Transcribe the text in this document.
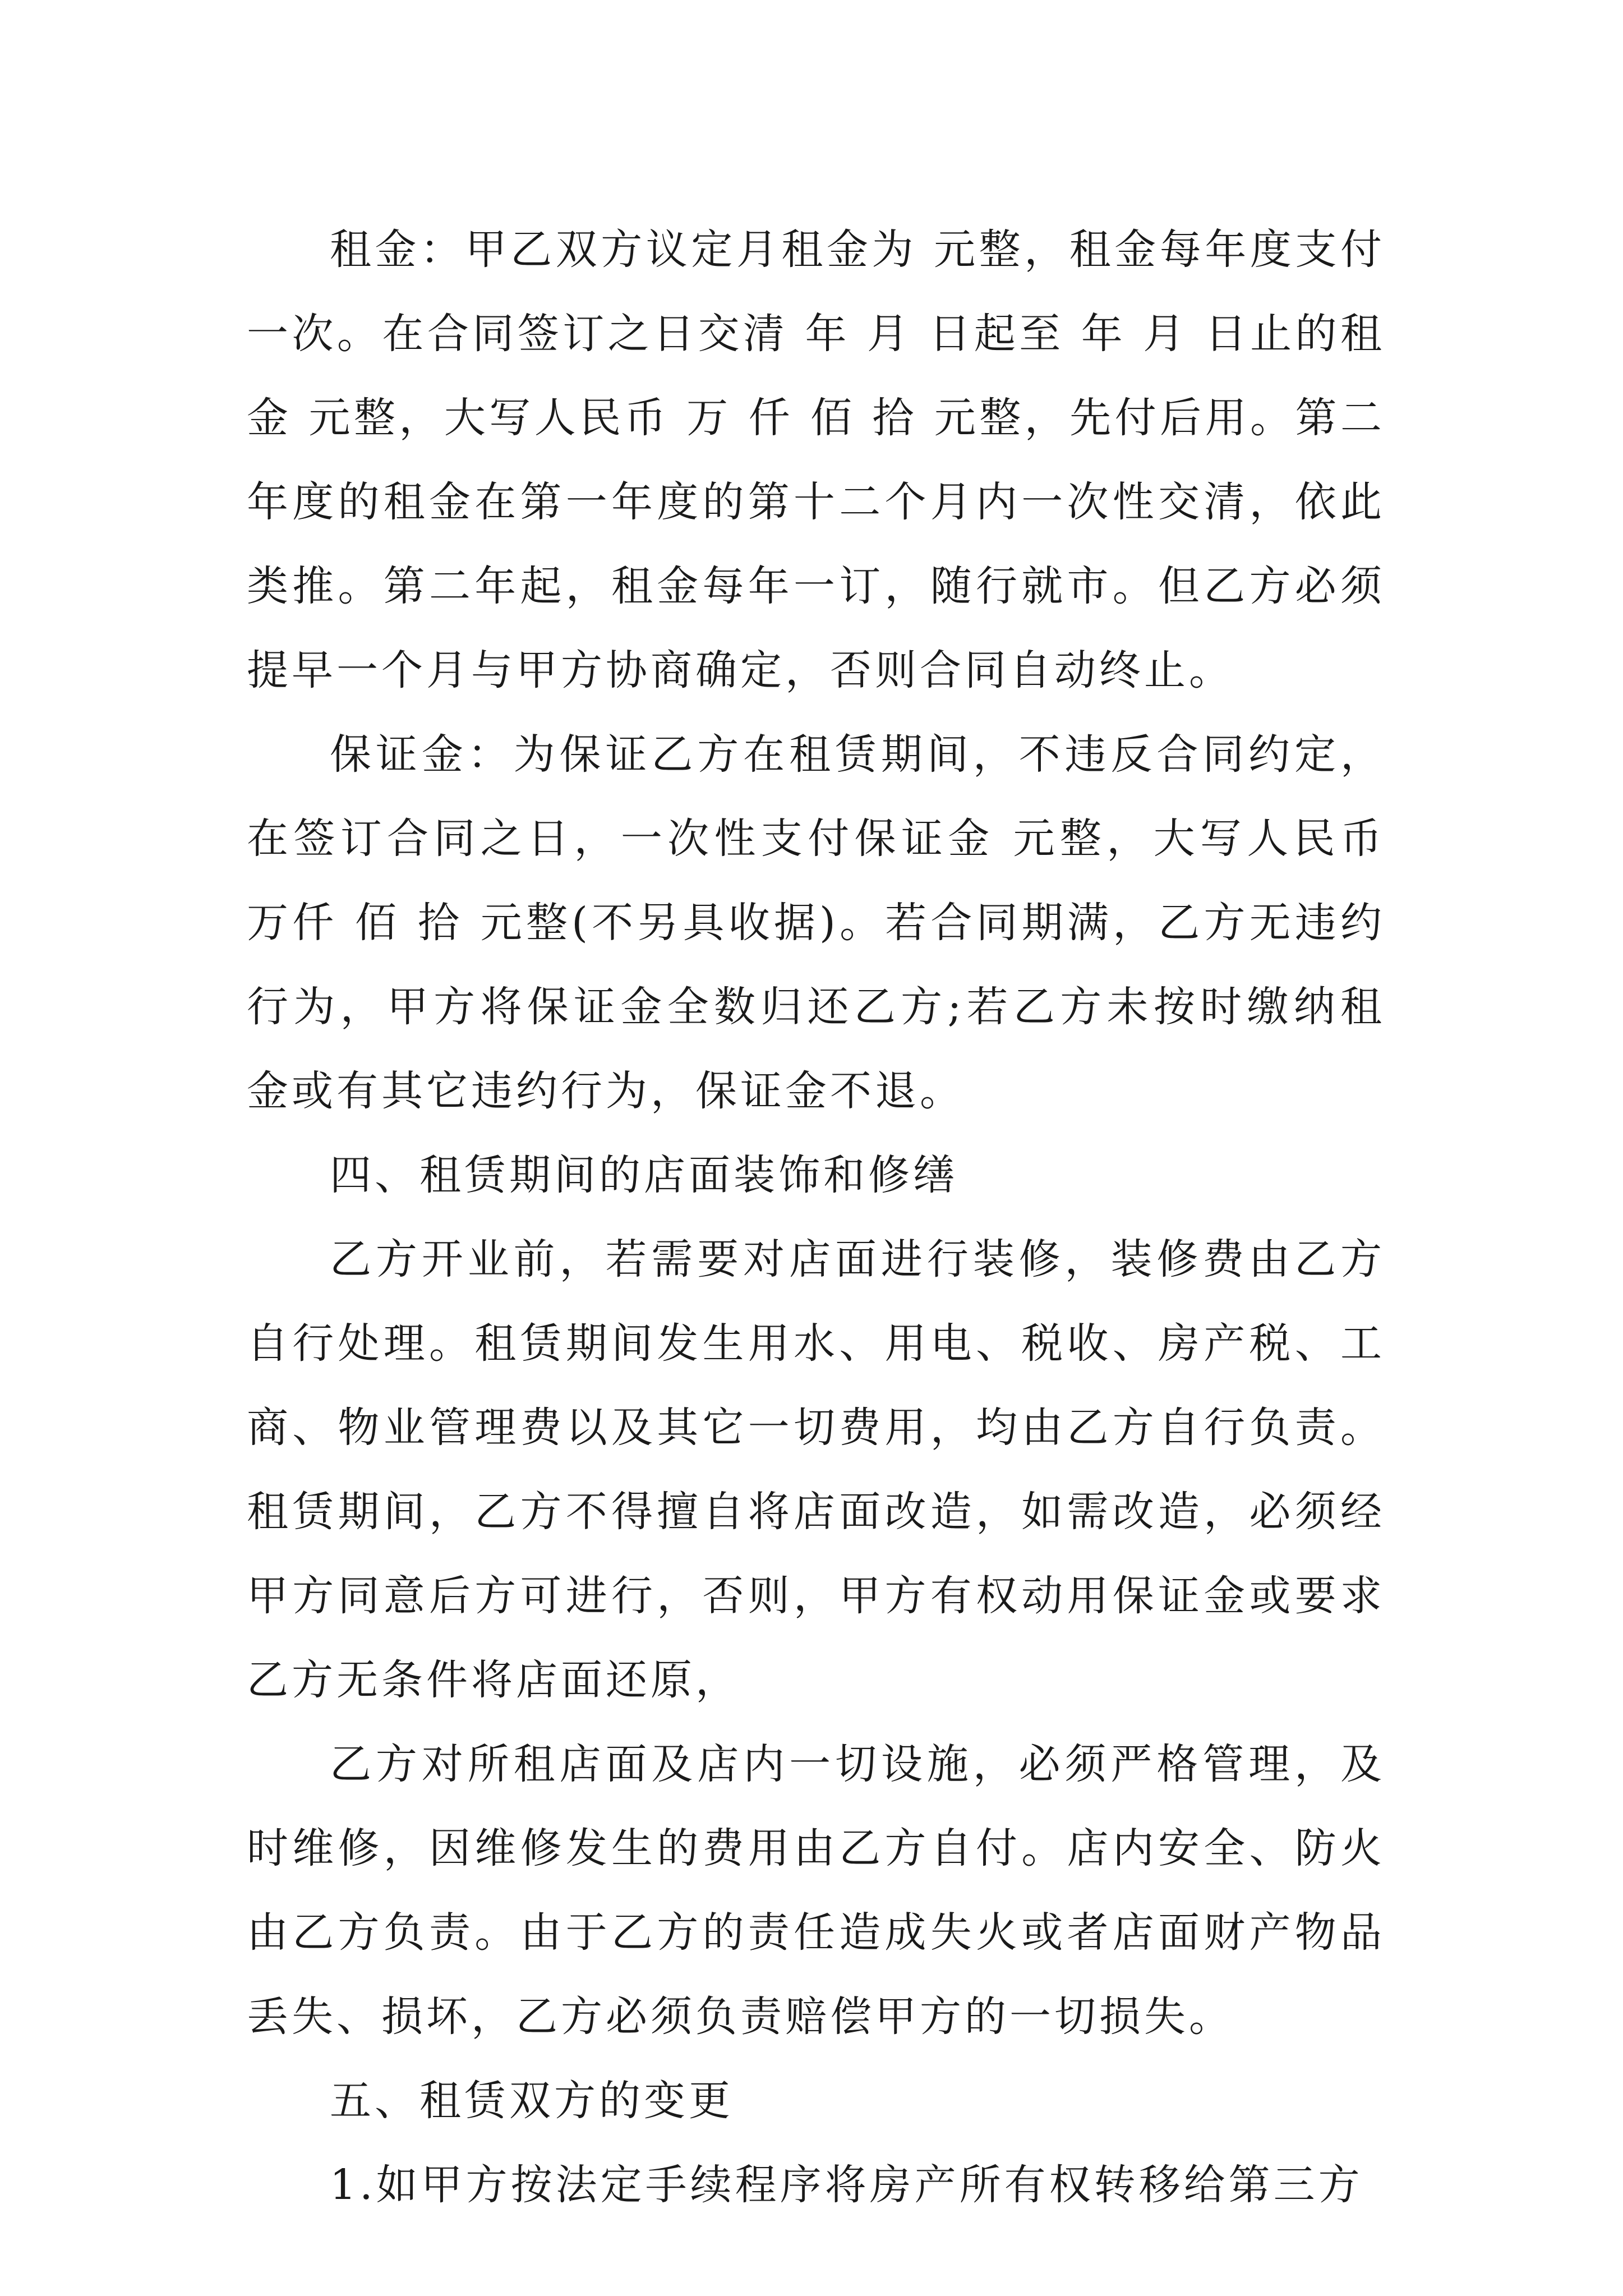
租金：甲乙双方议定月租金为 元整，租金每年度支付一次。在合同签订之日交清 年 月 日起至 年 月 日止的租金 元整，大写人民币 万 仟 佰 拾 元整，先付后用。第二年度的租金在第一年度的第十二个月内一次性交清，依此类推。第二年起，租金每年一订，随行就市。但乙方必须提早一个月与甲方协商确定，否则合同自动终止。

保证金：为保证乙方在租赁期间，不违反合同约定，在签订合同之日，一次性支付保证金 元整，大写人民币 万仟 佰 拾 元整(不另具收据)。若合同期满，乙方无违约行为，甲方将保证金全数归还乙方;若乙方未按时缴纳租金或有其它违约行为，保证金不退。

四、租赁期间的店面装饰和修缮

乙方开业前，若需要对店面进行装修，装修费由乙方自行处理。租赁期间发生用水、用电、税收、房产税、工商、物业管理费以及其它一切费用，均由乙方自行负责。租赁期间，乙方不得擅自将店面改造，如需改造，必须经甲方同意后方可进行，否则，甲方有权动用保证金或要求乙方无条件将店面还原，

乙方对所租店面及店内一切设施，必须严格管理，及时维修，因维修发生的费用由乙方自付。店内安全、防火由乙方负责。由于乙方的责任造成失火或者店面财产物品丢失、损坏，乙方必须负责赔偿甲方的一切损失。

五、租赁双方的变更

1.如甲方按法定手续程序将房产所有权转移给第三方
